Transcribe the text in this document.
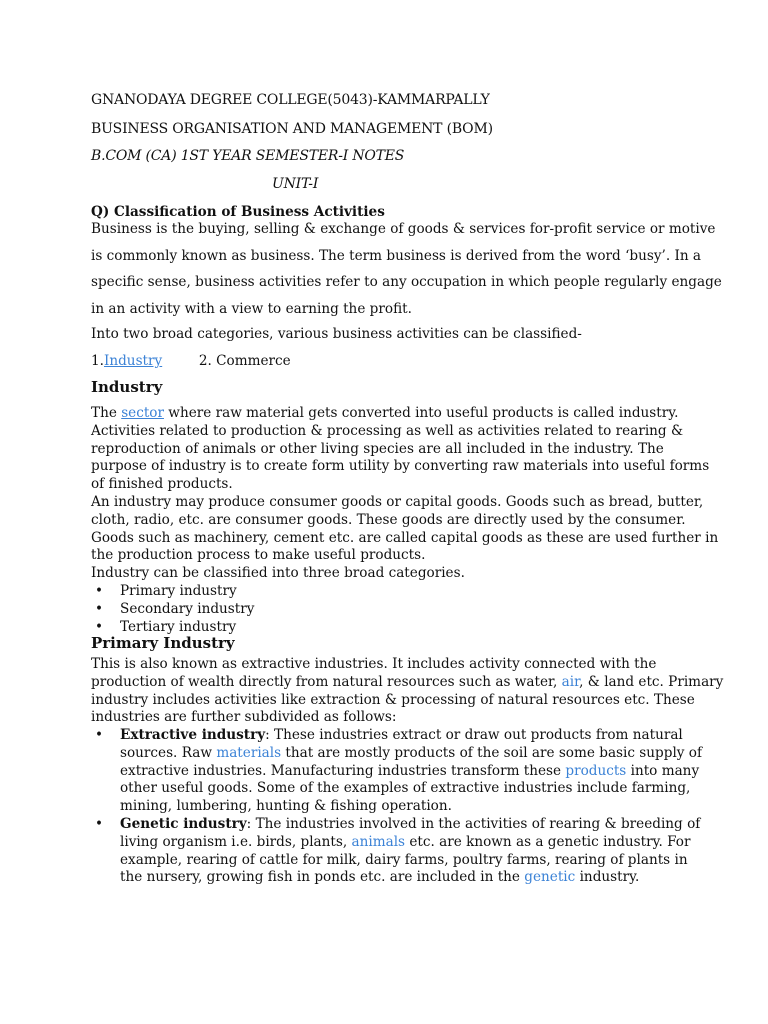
GNANODAYA DEGREE COLLEGE(5043)-KAMMARPALLY
BUSINESS ORGANISATION AND MANAGEMENT (BOM)
B.COM (CA) 1ST YEAR SEMESTER-I NOTES
UNIT-I
Q) Classification of Business Activities
Business is the buying, selling & exchange of goods & services for-profit service or motive
is commonly known as business. The term business is derived from the word ‘busy’. In a
specific sense, business activities refer to any occupation in which people regularly engage
in an activity with a view to earning the profit.
Into two broad categories, various business activities can be classified-
1.Industry	2. Commerce
Industry
The sector where raw material gets converted into useful products is called industry.
Activities related to production & processing as well as activities related to rearing &
reproduction of animals or other living species are all included in the industry. The
purpose of industry is to create form utility by converting raw materials into useful forms
of finished products.
An industry may produce consumer goods or capital goods. Goods such as bread, butter,
cloth, radio, etc. are consumer goods. These goods are directly used by the consumer.
Goods such as machinery, cement etc. are called capital goods as these are used further in
the production process to make useful products.
Industry can be classified into three broad categories.
• Primary industry
• Secondary industry
• Tertiary industry
Primary Industry
This is also known as extractive industries. It includes activity connected with the
production of wealth directly from natural resources such as water, air, & land etc. Primary
industry includes activities like extraction & processing of natural resources etc. These
industries are further subdivided as follows:
• Extractive industry: These industries extract or draw out products from natural
sources. Raw materials that are mostly products of the soil are some basic supply of
extractive industries. Manufacturing industries transform these products into many
other useful goods. Some of the examples of extractive industries include farming,
mining, lumbering, hunting & fishing operation.
• Genetic industry: The industries involved in the activities of rearing & breeding of
living organism i.e. birds, plants, animals etc. are known as a genetic industry. For
example, rearing of cattle for milk, dairy farms, poultry farms, rearing of plants in
the nursery, growing fish in ponds etc. are included in the genetic industry.
